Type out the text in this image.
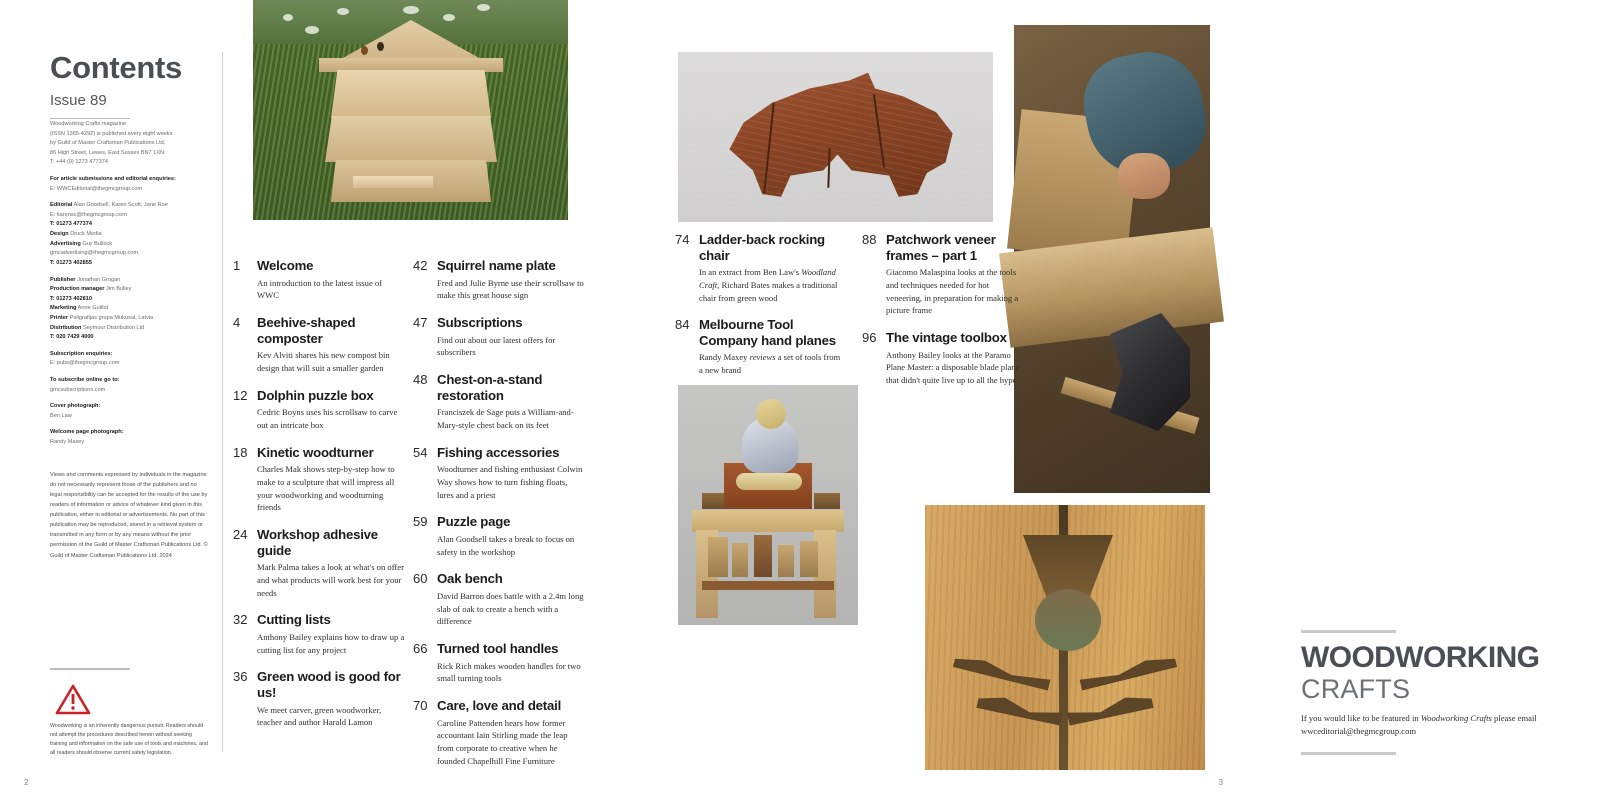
Contents
Issue 89

Woodworking Crafts magazine

(ISSN 1365-4292) is published every eight weeks

by Guild of Master Craftsman Publications Ltd,

86 High Street, Lewes, East Sussex BN7 1XN

T: +44 (0) 1273 477374

For article submissions and editorial enquiries:

E: WWCEditorial@thegmcgroup.com

Editorial Alan Goodsell, Karen Scott, Jane Roe

E: karensc@thegmcgroup.com

T: 01273 477374

Design Druck Media

Advertising Guy Bullock

gmcadvertising@thegmcgroup.com

T: 01273 402855

Publisher Jonathan Grogan

Production manager Jim Bulley

T: 01273 402810

Marketing Anne Guillot

Printer Poligrafijas grupa Mukusal, Latvia

Distribution Seymour Distribution Ltd

T: 020 7429 4000

Subscription enquiries:

E: pubs@thegmcgroup.com

To subscribe online go to:

gmcsubscriptions.com

Cover photograph:

Ben Law

Welcome page photograph:

Randy Maxey

Views and comments expressed by individuals in the magazine do not necessarily represent those of the publishers and no legal responsibility can be accepted for the results of the use by readers of information or advice of whatever kind given in this publication, either in editorial or advertisements. No part of this publication may be reproduced, stored in a retrieval system or transmitted in any form or by any means without the prior permission of the Guild of Master Craftsman Publications Ltd. © Guild of Master Craftsman Publications Ltd. 2024
Woodworking is an inherently dangerous pursuit. Readers should not attempt the procedures described herein without seeking training and information on the safe use of tools and machines, and all readers should observe current safety legislation.
1	Welcome
An introduction to the latest issue of WWC
4	Beehive-shaped composter
Kev Alviti shares his new compost bin design that will suit a smaller garden
12 Dolphin puzzle box
Cedric Boyns uses his scrollsaw to carve out an intricate box
18 Kinetic woodturner
Charles Mak shows step-by-step how to make to a sculpture that will impress all your woodworking and woodturning friends
24 Workshop adhesive guide
Mark Palma takes a look at what's on offer and what products will work best for your needs
32 Cutting lists
Anthony Bailey explains how to draw up a cutting list for any project
36 Green wood is good for us!
We meet carver, green woodworker, teacher and author Harald Lamon
42 Squirrel name plate
Fred and Julie Byrne use their scrollsaw to make this great house sign
47 Subscriptions
Find out about our latest offers for subscribers
48 Chest-on-a-stand restoration
Franciszek de Sage puts a William-and-Mary-style chest back on its feet
54 Fishing accessories
Woodturner and fishing enthusiast Colwin Way shows how to turn fishing floats, lures and a priest
59 Puzzle page
Alan Goodsell takes a break to focus on safety in the workshop
60 Oak bench
David Barron does battle with a 2.4m long slab of oak to create a bench with a difference
66 Turned tool handles
Rick Rich makes wooden handles for two small turning tools
70 Care, love and detail
Caroline Pattenden hears how former accountant Iain Stirling made the leap from corporate to creative when he founded Chapelhill Fine Furniture
2
74 Ladder-back rocking chair
In an extract from Ben Law's Woodland Craft, Richard Bates makes a traditional chair from green wood
84 Melbourne Tool Company hand planes
Randy Maxey reviews a set of tools from a new brand
88 Patchwork veneer frames – part 1
Giacomo Malaspina looks at the tools and techniques needed for hot veneering, in preparation for making a picture frame
96 The vintage toolbox
Anthony Bailey looks at the Paramo Plane Master: a disposable blade plane that didn't quite live up to all the hype
WOODWORKING
CRAFTS
If you would like to be featured in Woodworking Crafts please email wwceditorial@thegmcgroup.com
3
